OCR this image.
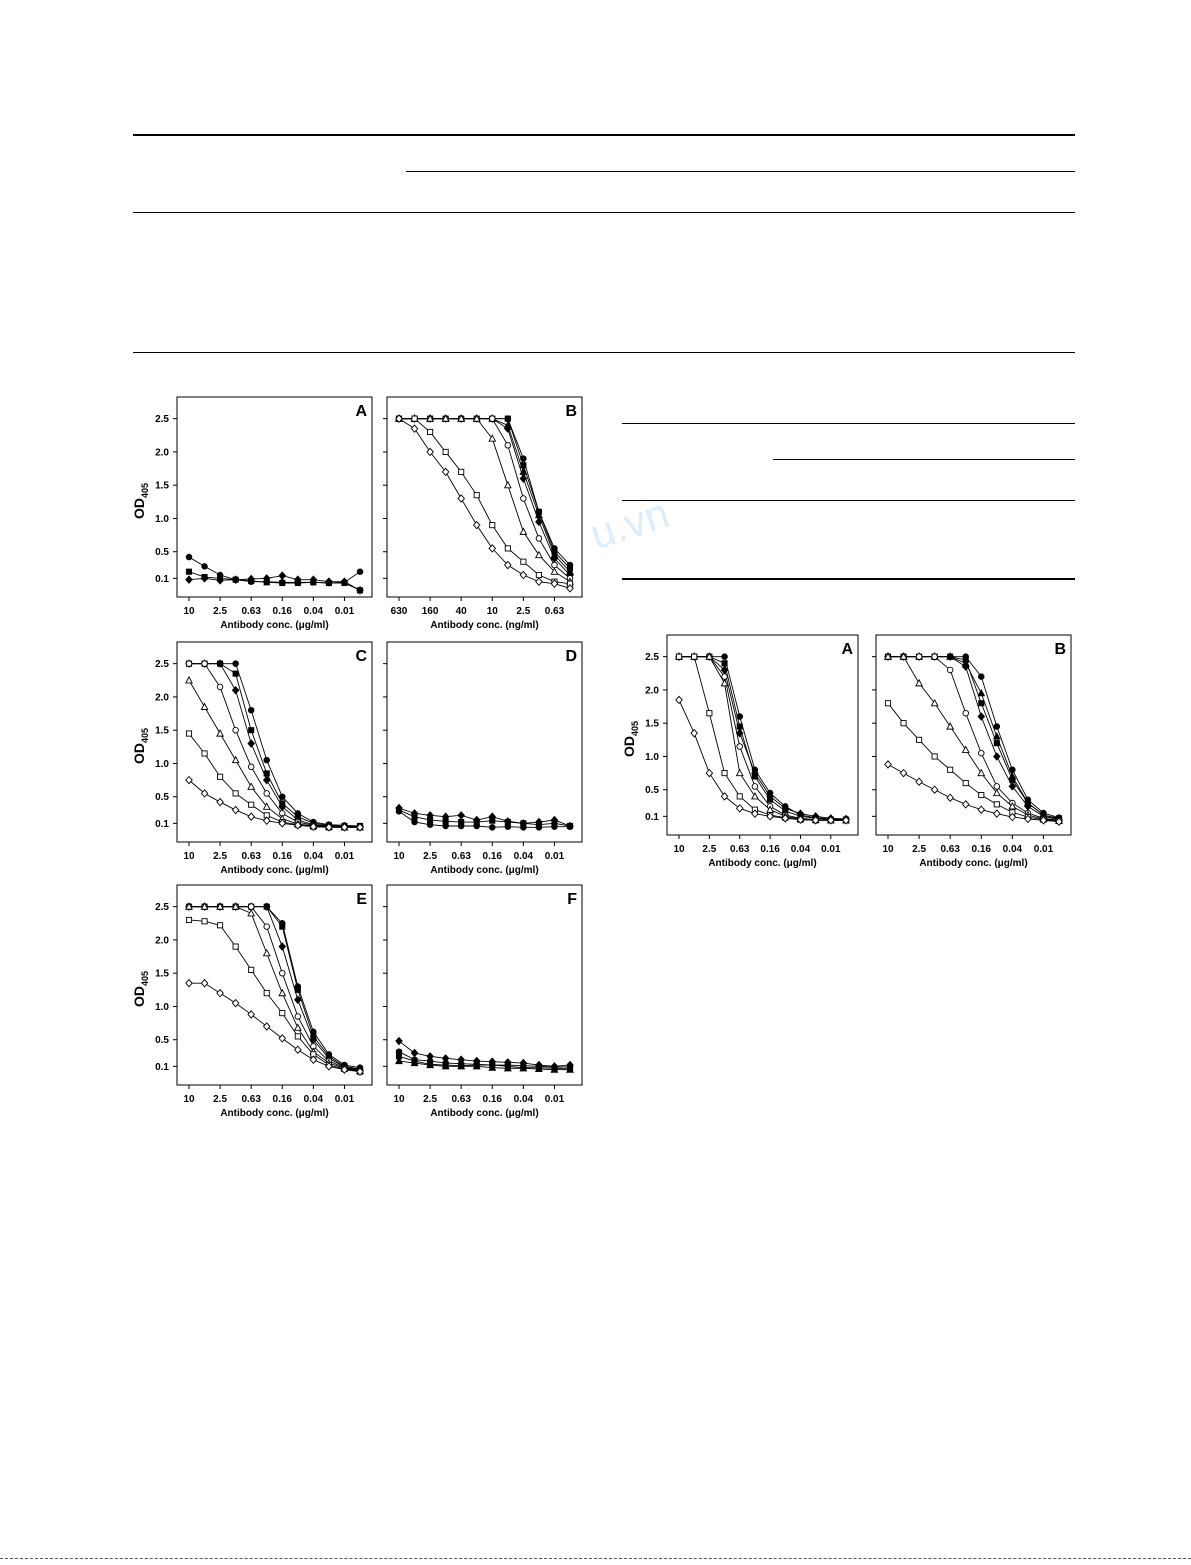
u.vn
2.5
2.0
1.5
1.0
0.5
0.1
10 2.5 0.63 0.16 0.04 0.01
Antibody conc. (μg/ml)
$OD_{405}$
A
630 160 40 10 2.5 0.63
Antibody conc. (ng/ml)
B
2.5
2.0
1.5
1.0
0.5
0.1
10 2.5 0.63 0.16 0.04 0.01
Antibody conc. (μg/ml)
$OD_{405}$
C
10 2.5 0.63 0.16 0.04 0.01
Antibody conc. (μg/ml)
D
2.5
2.0
1.5
1.0
0.5
0.1
10 2.5 0.63 0.16 0.04 0.01
Antibody conc. (μg/ml)
$OD_{405}$
E
10 2.5 0.63 0.16 0.04 0.01
Antibody conc. (μg/ml)
F
2.5
2.0
1.5
1.0
0.5
0.1
10 2.5 0.63 0.16 0.04 0.01
Antibody conc. (μg/ml)
$OD_{405}$
A
10 2.5 0.63 0.16 0.04 0.01
Antibody conc. (μg/ml)
B
